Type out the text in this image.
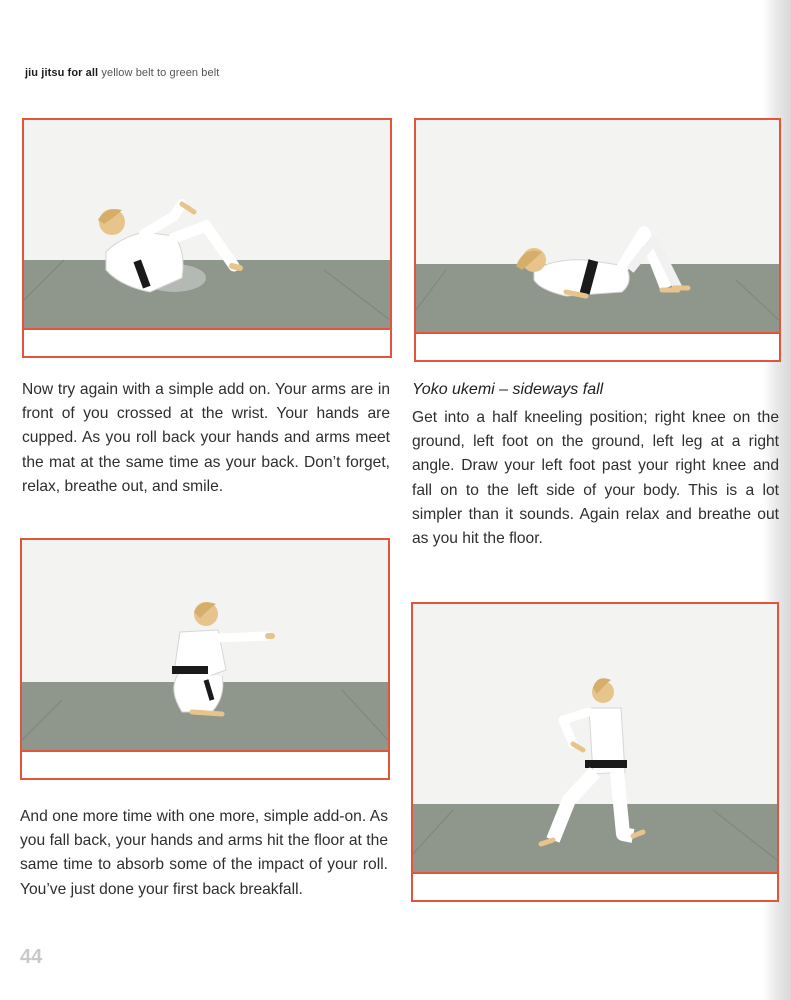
jiu jitsu for all yellow belt to green belt

Now try again with a simple add on. Your arms are in front of you crossed at the wrist. Your hands are cupped. As you roll back your hands and arms meet the mat at the same time as your back. Don’t forget, relax, breathe out, and smile.

Yoko ukemi – sideways fall

Get into a half kneeling position; right knee on the ground, left foot on the ground, left leg at a right angle. Draw your left foot past your right knee and fall on to the left side of your body. This is a lot simpler than it sounds. Again relax and breathe out as you hit the floor.

And one more time with one more, simple add-on. As you fall back, your hands and arms hit the floor at the same time to absorb some of the impact of your roll. You’ve just done your first back breakfall.

44
